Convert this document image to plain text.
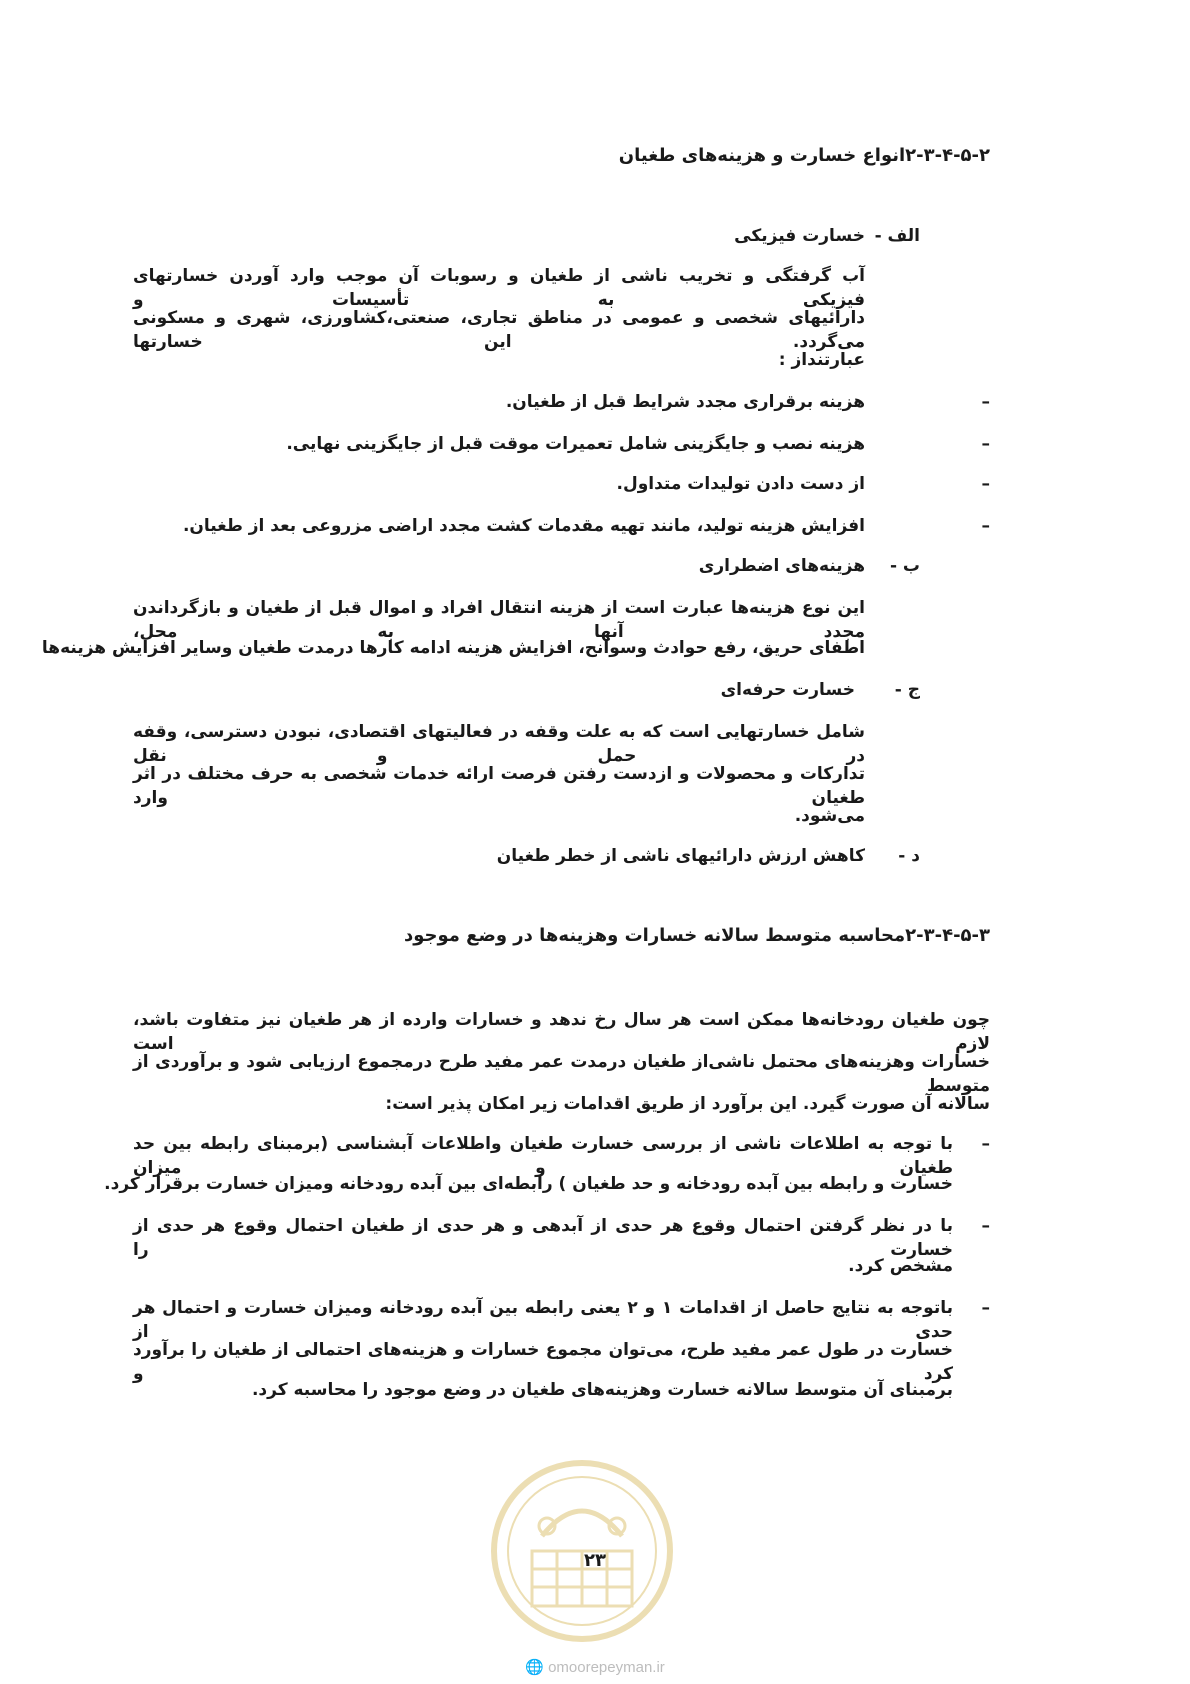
۲-۳-۴-۵-۲انواع خسارت و هزینه‌های طغیان
الف -
خسارت فیزیکی
آب گرفتگی و تخریب ناشی از طغیان و رسوبات آن موجب وارد آوردن خسارتهای فیزیکی به تأسیسات و
دارائیهای شخصی و عمومی در مناطق تجاری، صنعتی،کشاورزی، شهری و مسکونی می‌گردد. این خسارتها
عبارتنداز :
–
هزینه برقراری مجدد شرایط قبل از طغیان.
–
هزینه نصب و جایگزینی شامل تعمیرات موقت قبل از جایگزینی نهایی.
–
از دست دادن تولیدات متداول.
–
افزایش هزینه تولید، مانند تهیه مقدمات کشت مجدد اراضی مزروعی بعد از طغیان.
ب -
هزینه‌های اضطراری
این نوع هزینه‌ها عبارت است از هزینه انتقال افراد و اموال قبل از طغیان و بازگرداندن مجدد آنها به محل،
اطفای حریق، رفع حوادث وسوانح، افزایش هزینه ادامه کارها درمدت طغیان وسایر افزایش هزینه‌ها
ج -
خسارت حرفه‌ای
شامل خسارتهایی است که به علت وقفه در فعالیتهای اقتصادی، نبودن دسترسی، وقفه در حمل و نقل
تدارکات و محصولات و ازدست رفتن فرصت ارائه خدمات شخصی به حرف مختلف در اثر طغیان وارد
می‌شود.
د -
کاهش ارزش دارائیهای ناشی از خطر طغیان
۲-۳-۴-۵-۳محاسبه متوسط سالانه خسارات وهزینه‌ها در وضع موجود
چون طغیان رودخانه‌ها ممکن است هر سال رخ ندهد و خسارات وارده از هر طغیان نیز متفاوت باشد، لازم است
خسارات وهزینه‌های محتمل ناشی‌از طغیان درمدت عمر مفید طرح درمجموع ارزیابی شود و برآوردی از متوسط
سالانه آن صورت گیرد. این برآورد از طریق اقدامات زیر امکان پذیر است:
–
با توجه به اطلاعات ناشی از بررسی خسارت طغیان واطلاعات آبشناسی (برمبنای رابطه بین حد طغیان و میزان
خسارت و رابطه بین آبده رودخانه و حد طغیان ) رابطه‌ای بین آبده رودخانه ومیزان خسارت برقرار کرد.
–
با در نظر گرفتن احتمال وقوع هر حدی از آبدهی و هر حدی از طغیان احتمال وقوع هر حدی از خسارت را
مشخص کرد.
–
باتوجه به نتایج حاصل از اقدامات ۱ و ۲ یعنی رابطه بین آبده رودخانه ومیزان خسارت و احتمال هر حدی از
خسارت در طول عمر مفید طرح، می‌توان مجموع خسارات و هزینه‌های احتمالی از طغیان را برآورد کرد و
برمبنای آن متوسط سالانه خسارت وهزینه‌های طغیان در وضع موجود را محاسبه کرد.
۲۳
🌐 omoorepeyman.ir
